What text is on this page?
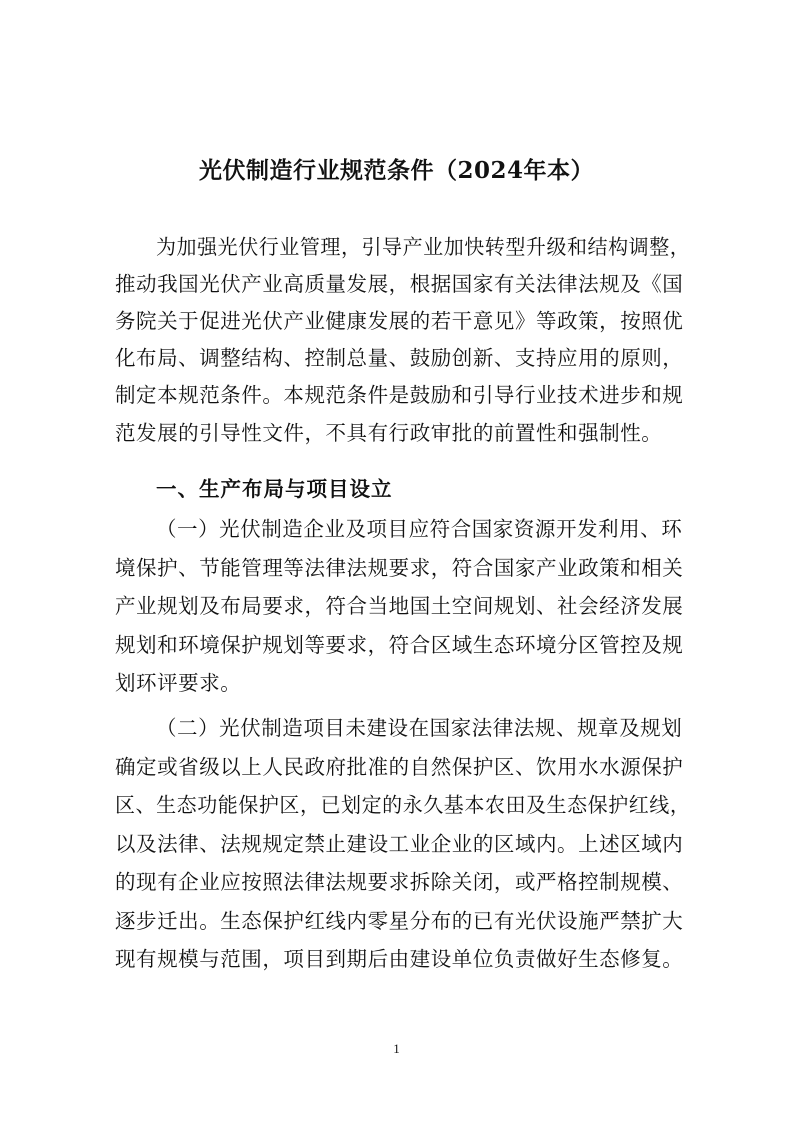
光伏制造行业规范条件（2024年本）
为加强光伏行业管理，引导产业加快转型升级和结构调整，
推动我国光伏产业高质量发展，根据国家有关法律法规及《国
务院关于促进光伏产业健康发展的若干意见》等政策，按照优
化布局、调整结构、控制总量、鼓励创新、支持应用的原则，
制定本规范条件。本规范条件是鼓励和引导行业技术进步和规
范发展的引导性文件，不具有行政审批的前置性和强制性。
一、生产布局与项目设立
（一）光伏制造企业及项目应符合国家资源开发利用、环
境保护、节能管理等法律法规要求，符合国家产业政策和相关
产业规划及布局要求，符合当地国土空间规划、社会经济发展
规划和环境保护规划等要求，符合区域生态环境分区管控及规
划环评要求。
（二）光伏制造项目未建设在国家法律法规、规章及规划
确定或省级以上人民政府批准的自然保护区、饮用水水源保护
区、生态功能保护区，已划定的永久基本农田及生态保护红线，
以及法律、法规规定禁止建设工业企业的区域内。上述区域内
的现有企业应按照法律法规要求拆除关闭，或严格控制规模、
逐步迁出。生态保护红线内零星分布的已有光伏设施严禁扩大
现有规模与范围，项目到期后由建设单位负责做好生态修复。
1
